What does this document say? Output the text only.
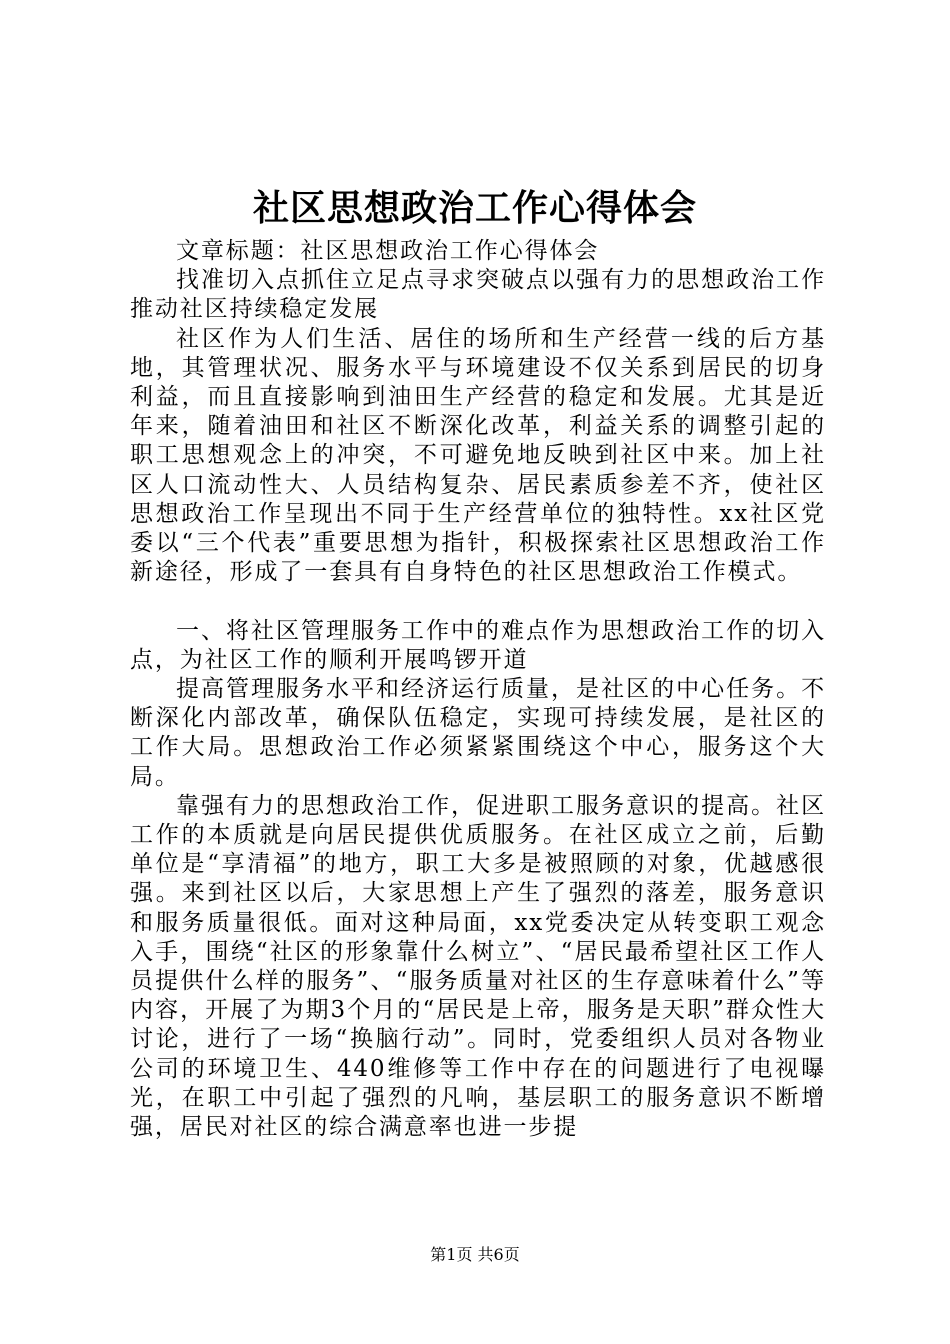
社区思想政治工作心得体会

文章标题：社区思想政治工作心得体会

找准切入点抓住立足点寻求突破点以强有力的思想政治工作推动社区持续稳定发展

社区作为人们生活、居住的场所和生产经营一线的后方基地，其管理状况、服务水平与环境建设不仅关系到居民的切身利益，而且直接影响到油田生产经营的稳定和发展。尤其是近年来，随着油田和社区不断深化改革，利益关系的调整引起的职工思想观念上的冲突，不可避免地反映到社区中来。加上社区人口流动性大、人员结构复杂、居民素质参差不齐，使社区思想政治工作呈现出不同于生产经营单位的独特性。xx社区党委以“三个代表”重要思想为指针，积极探索社区思想政治工作新途径，形成了一套具有自身特色的社区思想政治工作模式。

一、将社区管理服务工作中的难点作为思想政治工作的切入点，为社区工作的顺利开展鸣锣开道

提高管理服务水平和经济运行质量，是社区的中心任务。不断深化内部改革，确保队伍稳定，实现可持续发展，是社区的工作大局。思想政治工作必须紧紧围绕这个中心，服务这个大局。

靠强有力的思想政治工作，促进职工服务意识的提高。社区工作的本质就是向居民提供优质服务。在社区成立之前，后勤单位是“享清福”的地方，职工大多是被照顾的对象，优越感很强。来到社区以后，大家思想上产生了强烈的落差，服务意识和服务质量很低。面对这种局面，xx党委决定从转变职工观念入手，围绕“社区的形象靠什么树立”、“居民最希望社区工作人员提供什么样的服务”、“服务质量对社区的生存意味着什么”等内容，开展了为期3个月的“居民是上帝，服务是天职”群众性大讨论，进行了一场“换脑行动”。同时，党委组织人员对各物业公司的环境卫生、440维修等工作中存在的问题进行了电视曝光，在职工中引起了强烈的凡响，基层职工的服务意识不断增强，居民对社区的综合满意率也进一步提

第1页 共6页
